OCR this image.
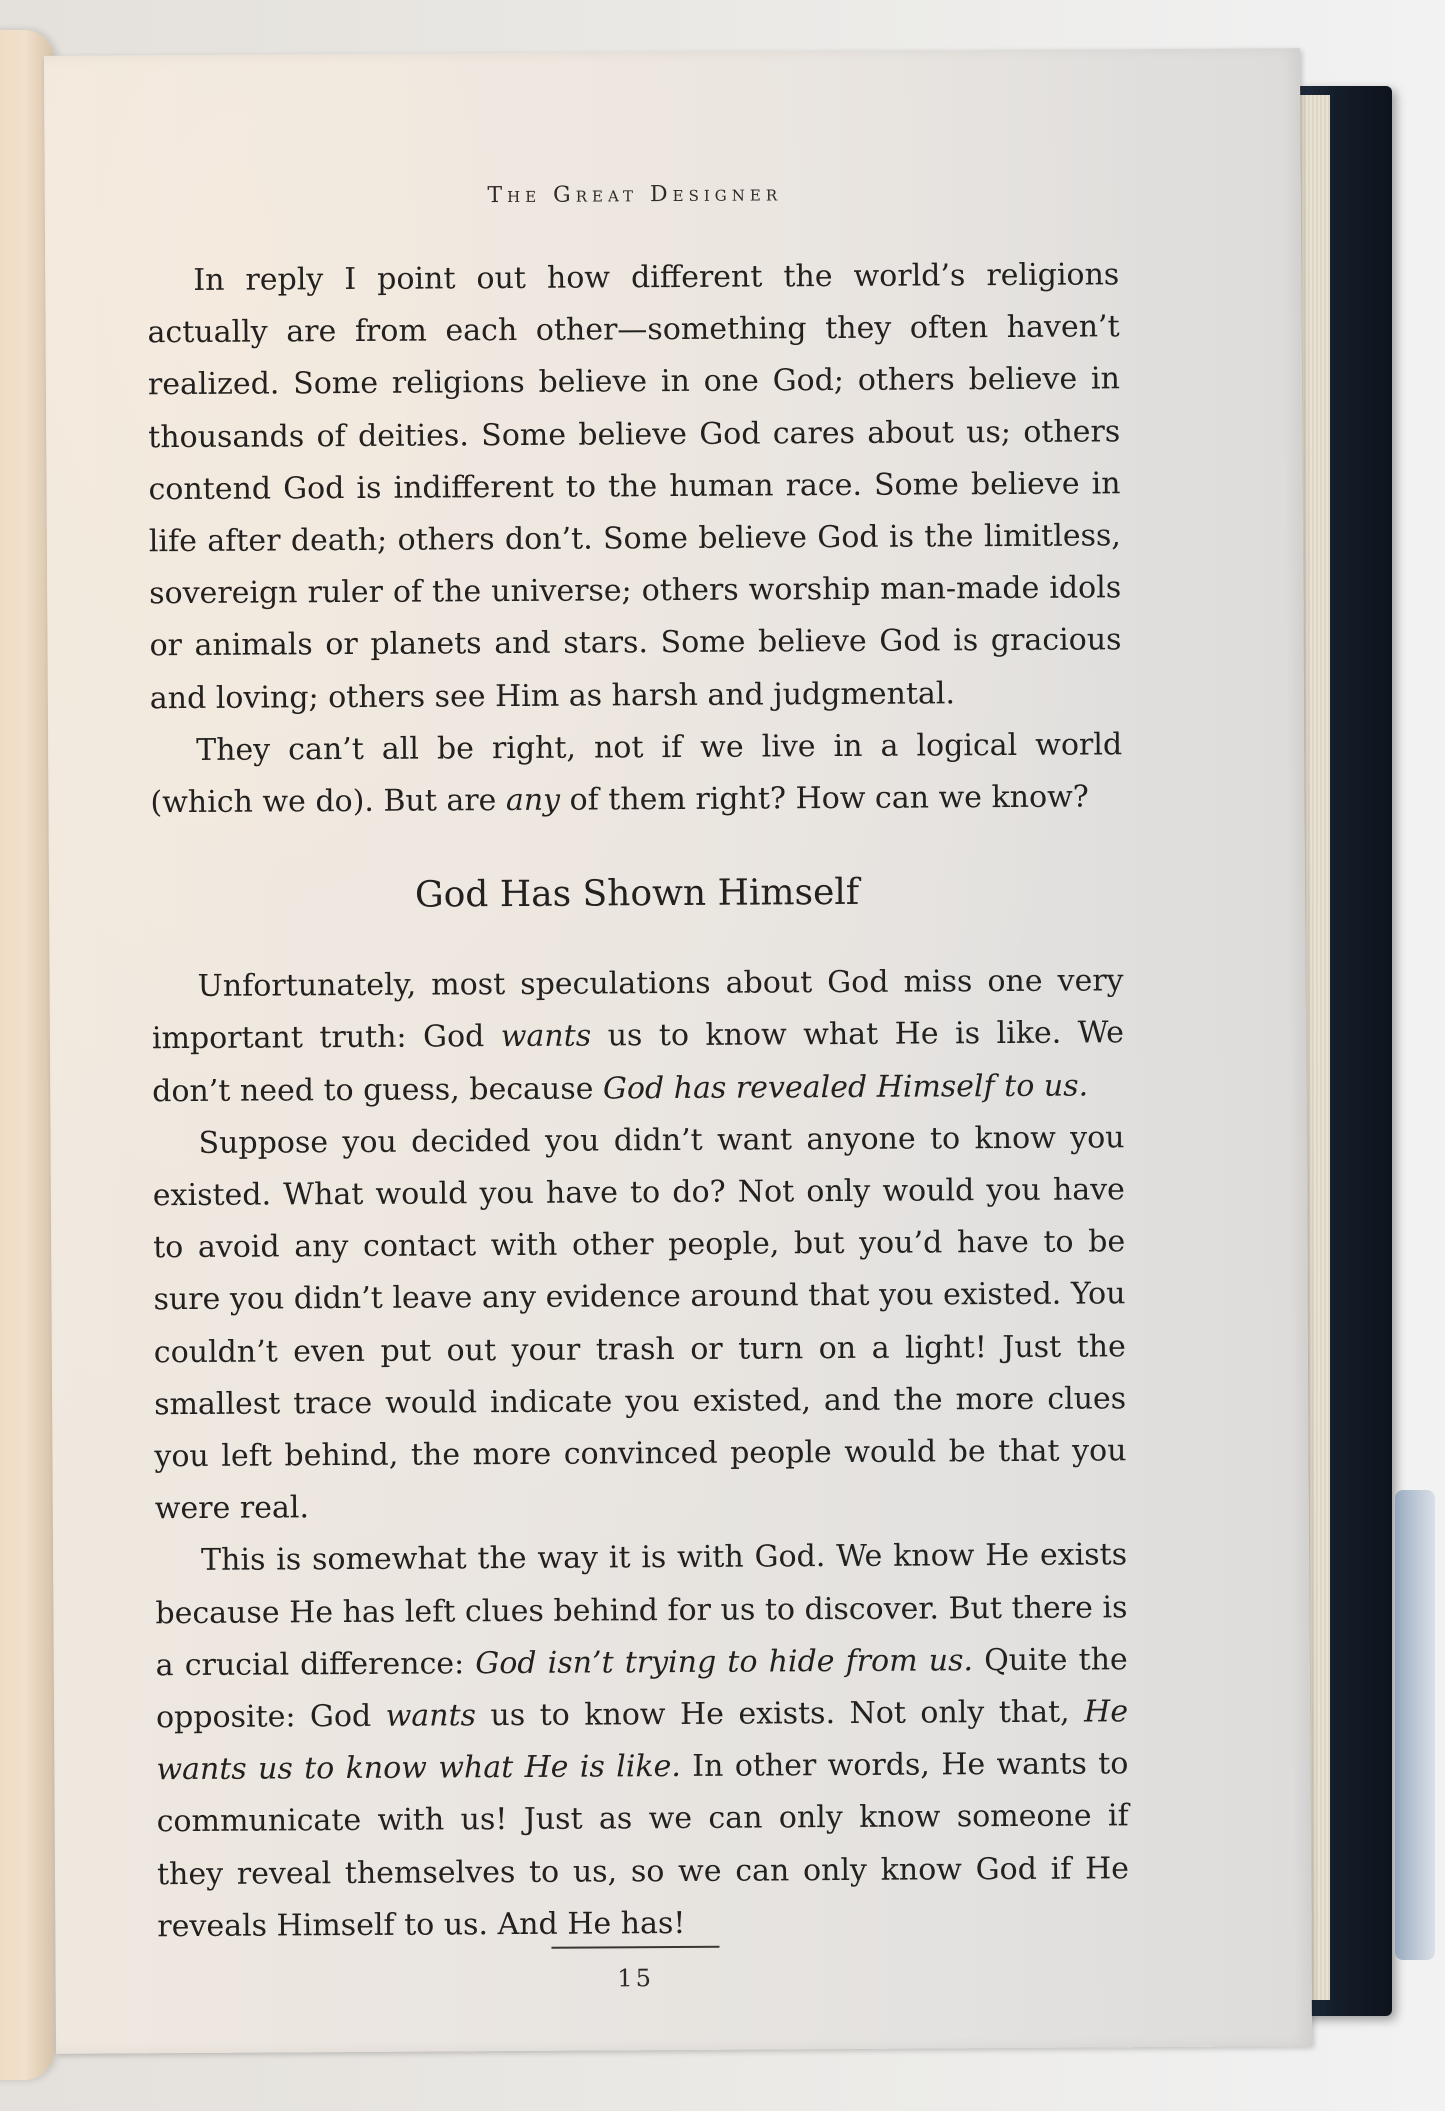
The Great Designer

In reply I point out how different the world’s religions actually are from each other—something they often haven’t realized. Some religions believe in one God; others believe in thousands of deities. Some believe God cares about us; others contend God is indifferent to the human race. Some believe in life after death; others don’t. Some believe God is the limitless, sovereign ruler of the universe; others worship man-made idols or animals or planets and stars. Some believe God is gracious and loving; others see Him as harsh and judgmental.

They can’t all be right, not if we live in a logical world (which we do). But are any of them right? How can we know?

God Has Shown Himself

Unfortunately, most speculations about God miss one very important truth: God wants us to know what He is like. We don’t need to guess, because God has revealed Himself to us.

Suppose you decided you didn’t want anyone to know you existed. What would you have to do? Not only would you have to avoid any contact with other people, but you’d have to be sure you didn’t leave any evidence around that you existed. You couldn’t even put out your trash or turn on a light! Just the smallest trace would indicate you existed, and the more clues you left behind, the more convinced people would be that you were real.

This is somewhat the way it is with God. We know He exists because He has left clues behind for us to discover. But there is a crucial difference: God isn’t trying to hide from us. Quite the opposite: God wants us to know He exists. Not only that, He wants us to know what He is like. In other words, He wants to communicate with us! Just as we can only know someone if they reveal themselves to us, so we can only know God if He reveals Himself to us. And He has!

15
